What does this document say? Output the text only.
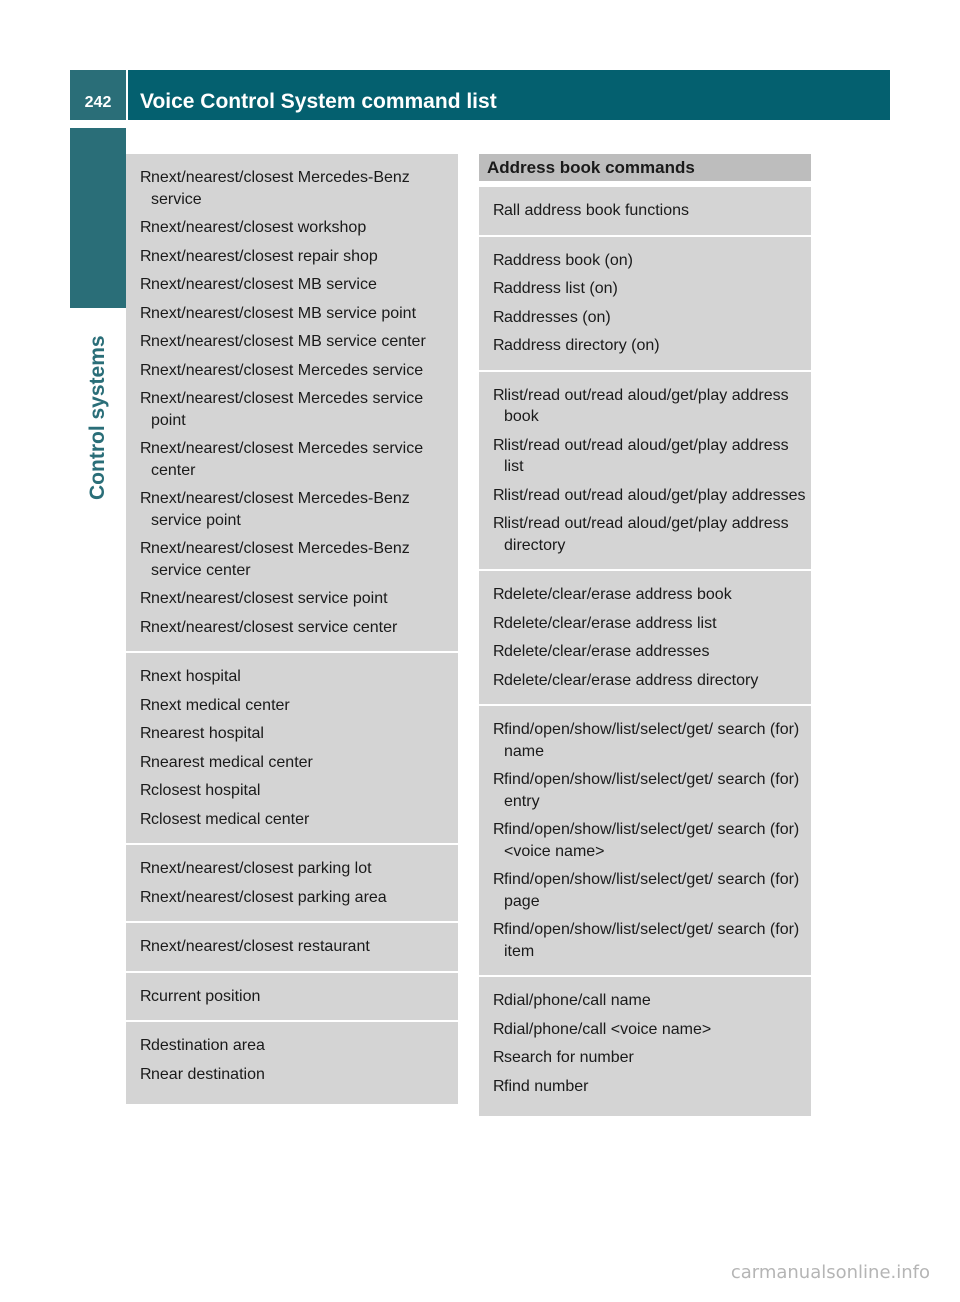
242	Voice Control System command list
Control systems
R next/nearest/closest Mercedes-Benz service
R next/nearest/closest workshop
R next/nearest/closest repair shop
R next/nearest/closest MB service
R next/nearest/closest MB service point
R next/nearest/closest MB service center
R next/nearest/closest Mercedes service
R next/nearest/closest Mercedes service point
R next/nearest/closest Mercedes service center
R next/nearest/closest Mercedes-Benz service point
R next/nearest/closest Mercedes-Benz service center
R next/nearest/closest service point
R next/nearest/closest service center
R next hospital
R next medical center
R nearest hospital
R nearest medical center
R closest hospital
R closest medical center
R next/nearest/closest parking lot
R next/nearest/closest parking area
R next/nearest/closest restaurant
R current position
R destination area
R near destination
Address book commands
R all address book functions
R address book (on)
R address list (on)
R addresses (on)
R address directory (on)
R list/read out/read aloud/get/play address book
R list/read out/read aloud/get/play address list
R list/read out/read aloud/get/play addresses
R list/read out/read aloud/get/play address directory
R delete/clear/erase address book
R delete/clear/erase address list
R delete/clear/erase addresses
R delete/clear/erase address directory
R find/open/show/list/select/get/ search (for) name
R find/open/show/list/select/get/ search (for) entry
R find/open/show/list/select/get/ search (for) <voice name>
R find/open/show/list/select/get/ search (for) page
R find/open/show/list/select/get/ search (for) item
R dial/phone/call name
R dial/phone/call <voice name>
R search for number
R find number
carmanualsonline.info
